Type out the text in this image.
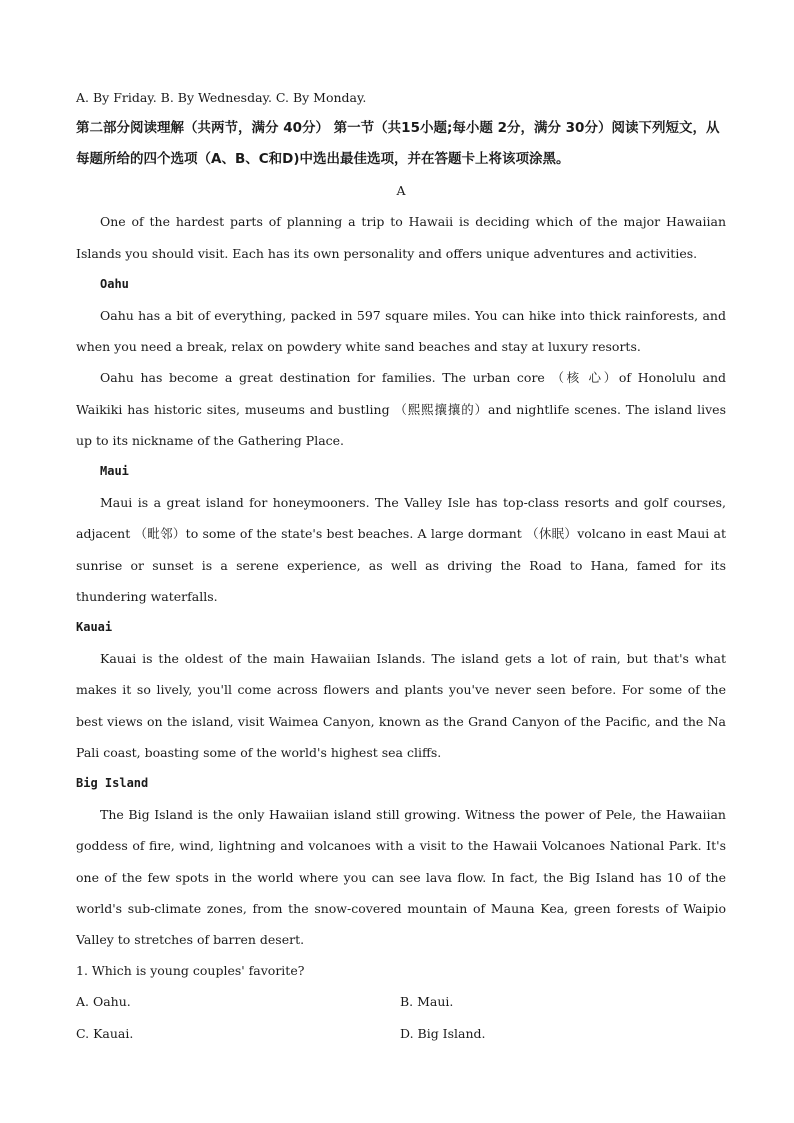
A. By Friday. B. By Wednesday. C. By Monday.
第二部分阅读理解（共两节，满分 40分） 第一节（共15小题;每小题 2分，满分 30分）阅读下列短文，从每题所给的四个选项（A、B、C和D)中选出最佳选项，并在答题卡上将该项涂黑。
A
One of the hardest parts of planning a trip to Hawaii is deciding which of the major Hawaiian Islands you should visit. Each has its own personality and offers unique adventures and activities.
Oahu
Oahu has a bit of everything, packed in 597 square miles. You can hike into thick rainforests, and when you need a break, relax on powdery white sand beaches and stay at luxury resorts.
Oahu has become a great destination for families. The urban core （核 心）of Honolulu and Waikiki has historic sites, museums and bustling （熙熙攘攘的）and nightlife scenes. The island lives up to its nickname of the Gathering Place.
Maui
Maui is a great island for honeymooners. The Valley Isle has top-class resorts and golf courses, adjacent （毗邻）to some of the state's best beaches. A large dormant （休眠）volcano in east Maui at sunrise or sunset is a serene experience, as well as driving the Road to Hana, famed for its thundering waterfalls.
Kauai
Kauai is the oldest of the main Hawaiian Islands. The island gets a lot of rain, but that's what makes it so lively, you'll come across flowers and plants you've never seen before. For some of the best views on the island, visit Waimea Canyon, known as the Grand Canyon of the Pacific, and the Na Pali coast, boasting some of the world's highest sea cliffs.
Big Island
The Big Island is the only Hawaiian island still growing. Witness the power of Pele, the Hawaiian goddess of fire, wind, lightning and volcanoes with a visit to the Hawaii Volcanoes National Park. It's one of the few spots in the world where you can see lava flow. In fact, the Big Island has 10 of the world's sub-climate zones, from the snow-covered mountain of Mauna Kea, green forests of Waipio Valley to stretches of barren desert.
1. Which is young couples' favorite?
A. Oahu.	B. Maui.
C. Kauai.	D. Big Island.
